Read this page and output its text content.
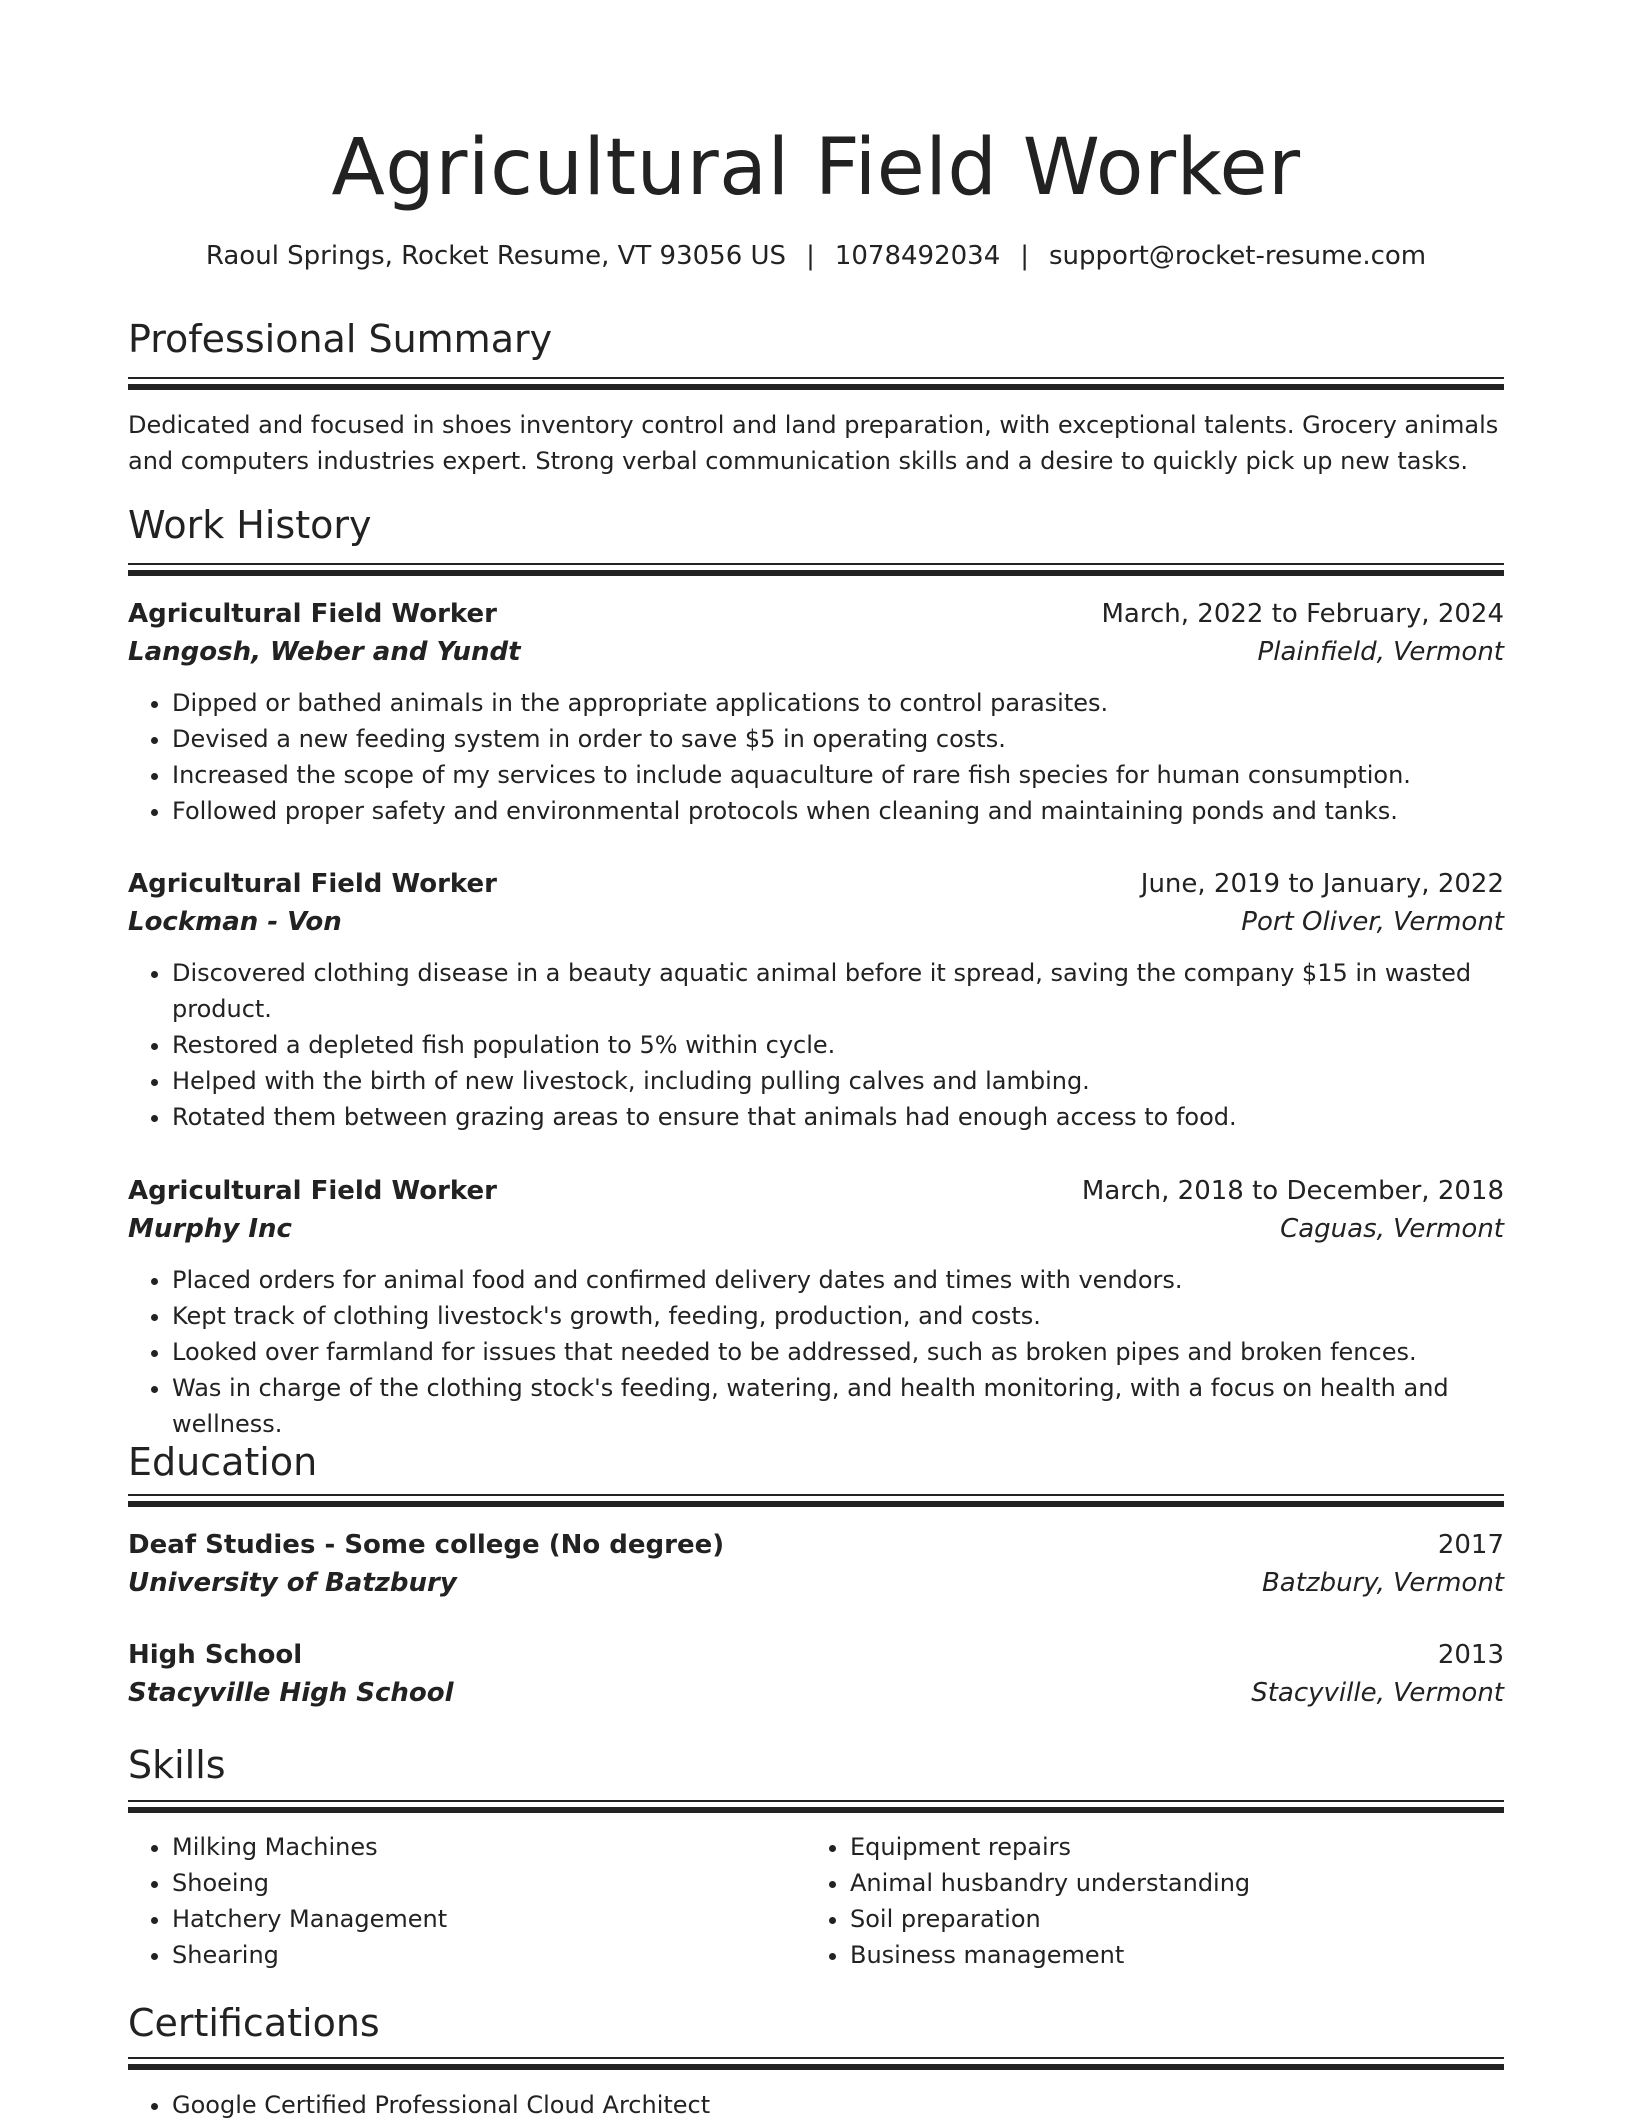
Agricultural Field Worker
Raoul Springs, Rocket Resume, VT 93056 US | 1078492034 | support@rocket-resume.com
Professional Summary
Dedicated and focused in shoes inventory control and land preparation, with exceptional talents. Grocery animals and computers industries expert. Strong verbal communication skills and a desire to quickly pick up new tasks.
Work History
Agricultural Field Worker	March, 2022 to February, 2024
Langosh, Weber and Yundt	Plainfield, Vermont
• Dipped or bathed animals in the appropriate applications to control parasites.
• Devised a new feeding system in order to save $5 in operating costs.
• Increased the scope of my services to include aquaculture of rare fish species for human consumption.
• Followed proper safety and environmental protocols when cleaning and maintaining ponds and tanks.
Agricultural Field Worker	June, 2019 to January, 2022
Lockman - Von	Port Oliver, Vermont
• Discovered clothing disease in a beauty aquatic animal before it spread, saving the company $15 in wasted product.
• Restored a depleted fish population to 5% within cycle.
• Helped with the birth of new livestock, including pulling calves and lambing.
• Rotated them between grazing areas to ensure that animals had enough access to food.
Agricultural Field Worker	March, 2018 to December, 2018
Murphy Inc	Caguas, Vermont
• Placed orders for animal food and confirmed delivery dates and times with vendors.
• Kept track of clothing livestock's growth, feeding, production, and costs.
• Looked over farmland for issues that needed to be addressed, such as broken pipes and broken fences.
• Was in charge of the clothing stock's feeding, watering, and health monitoring, with a focus on health and wellness.
Education
Deaf Studies - Some college (No degree)	2017
University of Batzbury	Batzbury, Vermont
High School	2013
Stacyville High School	Stacyville, Vermont
Skills
• Milking Machines
• Shoeing
• Hatchery Management
• Shearing
• Equipment repairs
• Animal husbandry understanding
• Soil preparation
• Business management
Certifications
• Google Certified Professional Cloud Architect
